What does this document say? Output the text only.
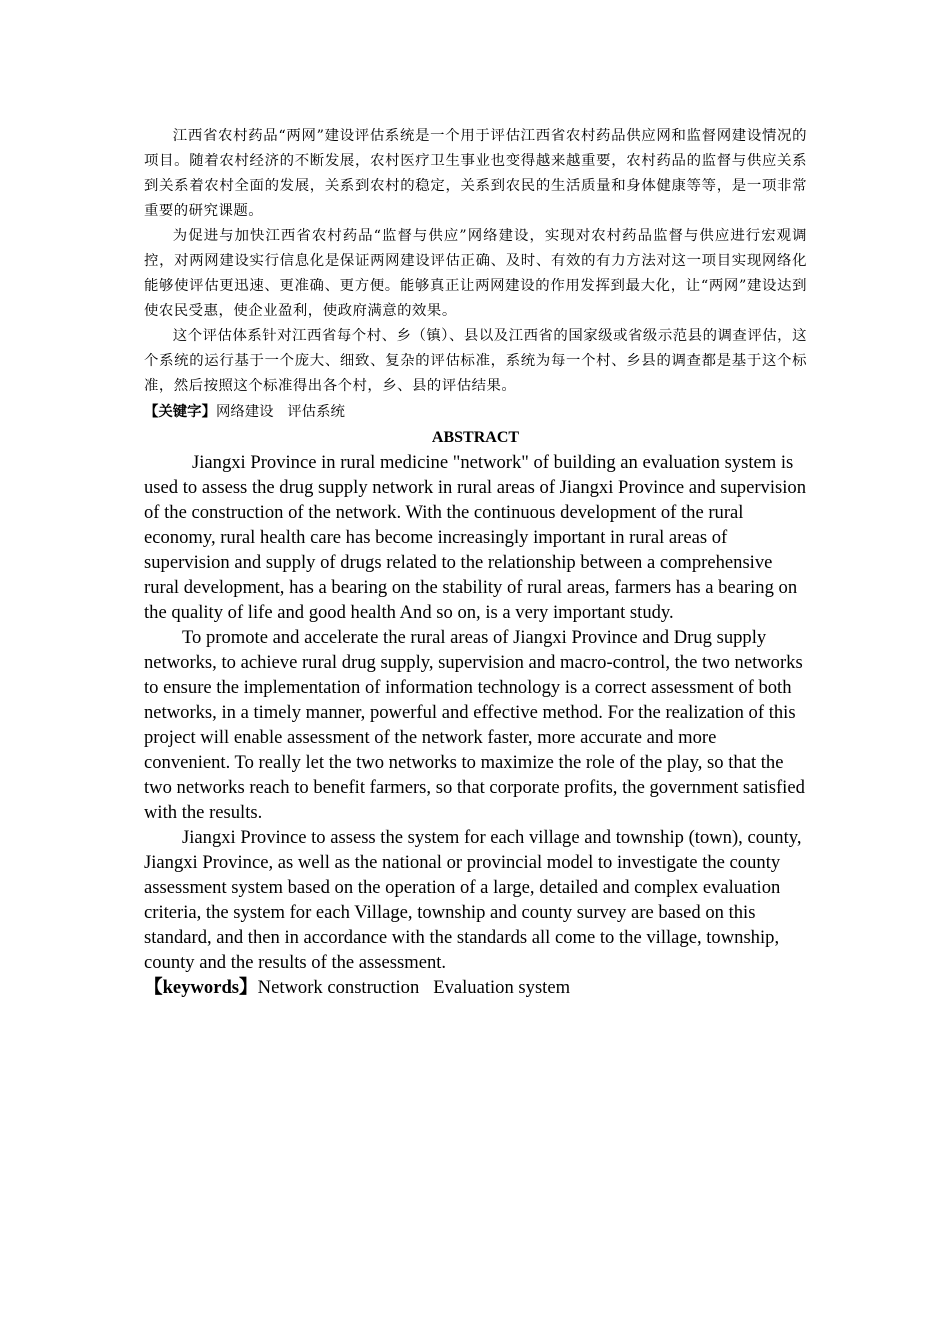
江西省农村药品“两网”建设评估系统是一个用于评估江西省农村药品供应网和监督网建设情况的项目。随着农村经济的不断发展，农村医疗卫生事业也变得越来越重要，农村药品的监督与供应关系到关系着农村全面的发展，关系到农村的稳定，关系到农民的生活质量和身体健康等等，是一项非常重要的研究课题。

为促进与加快江西省农村药品“监督与供应”网络建设，实现对农村药品监督与供应进行宏观调控，对两网建设实行信息化是保证两网建设评估正确、及时、有效的有力方法对这一项目实现网络化能够使评估更迅速、更准确、更方便。能够真正让两网建设的作用发挥到最大化，让“两网”建设达到使农民受惠，使企业盈利，使政府满意的效果。

这个评估体系针对江西省每个村、乡（镇）、县以及江西省的国家级或省级示范县的调查评估，这个系统的运行基于一个庞大、细致、复杂的评估标准，系统为每一个村、乡县的调查都是基于这个标准，然后按照这个标准得出各个村，乡、县的评估结果。

【关键字】网络建设 评估系统

ABSTRACT

Jiangxi Province in rural medicine "network" of building an evaluation system is used to assess the drug supply network in rural areas of Jiangxi Province and supervision of the construction of the network. With the continuous development of the rural economy, rural health care has become increasingly important in rural areas of supervision and supply of drugs related to the relationship between a comprehensive rural development, has a bearing on the stability of rural areas, farmers has a bearing on the quality of life and good health And so on, is a very important study.

To promote and accelerate the rural areas of Jiangxi Province and Drug supply networks, to achieve rural drug supply, supervision and macro-control, the two networks to ensure the implementation of information technology is a correct assessment of both networks, in a timely manner, powerful and effective method. For the realization of this project will enable assessment of the network faster, more accurate and more convenient. To really let the two networks to maximize the role of the play, so that the two networks reach to benefit farmers, so that corporate profits, the government satisfied with the results.

Jiangxi Province to assess the system for each village and township (town), county, Jiangxi Province, as well as the national or provincial model to investigate the county assessment system based on the operation of a large, detailed and complex evaluation criteria, the system for each Village, township and county survey are based on this standard, and then in accordance with the standards all come to the village, township, county and the results of the assessment.

【keywords】Network construction Evaluation system
